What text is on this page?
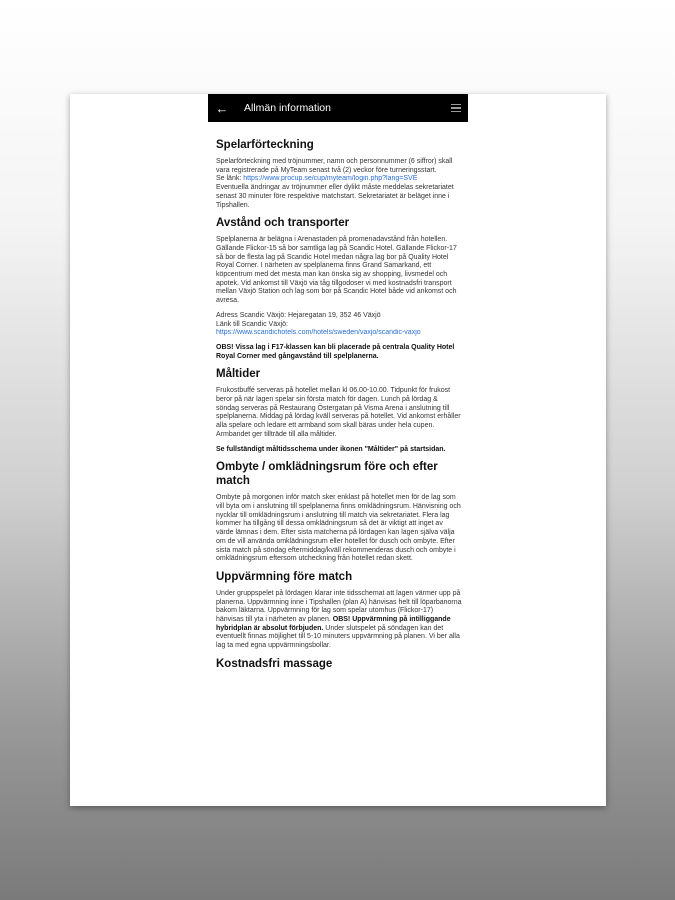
←	Allmän information
Spelarförteckning

Spelarförteckning med tröjnummer, namn och personnummer (6 siffror) skall vara registrerade på MyTeam senast två (2) veckor före turneringsstart.
Se länk: https://www.procup.se/cup/myteam/login.php?lang=SVE
Eventuella ändringar av tröjnummer eller dylikt måste meddelas sekretariatet senast 30 minuter före respektive matchstart. Sekretariatet är beläget inne i Tipshallen.

Avstånd och transporter

Spelplanerna är belägna i Arenastaden på promenadavstånd från hotellen. Gällande Flickor-15 så bor samtliga lag på Scandic Hotel. Gällande Flickor-17 så bor de flesta lag på Scandic Hotel medan några lag bor på Quality Hotel Royal Corner. I närheten av spelplanerna finns Grand Samarkand, ett köpcentrum med det mesta man kan önska sig av shopping, livsmedel och apotek. Vid ankomst till Växjö via tåg tillgodoser vi med kostnadsfri transport mellan Växjö Station och lag som bor på Scandic Hotel både vid ankomst och avresa.

Adress Scandic Växjö: Hejaregatan 19, 352 46 Växjö
Länk till Scandic Växjö:
https://www.scandichotels.com/hotels/sweden/vaxjo/scandic-vaxjo

OBS! Vissa lag i F17-klassen kan bli placerade på centrala Quality Hotel Royal Corner med gångavstånd till spelplanerna.

Måltider

Frukostbuffé serveras på hotellet mellan kl 06.00-10.00. Tidpunkt för frukost beror på när lagen spelar sin första match för dagen. Lunch på lördag & söndag serveras på Restaurang Östergatan på Visma Arena i anslutning till spelplanerna. Middag på lördag kväll serveras på hotellet. Vid ankomst erhåller alla spelare och ledare ett armband som skall bäras under hela cupen. Armbandet ger tillträde till alla måltider.

Se fullständigt måltidsschema under ikonen "Måltider" på startsidan.

Ombyte / omklädningsrum före och efter match

Ombyte på morgonen inför match sker enklast på hotellet men för de lag som vill byta om i anslutning till spelplanerna finns omklädningsrum. Hänvisning och nycklar till omklädningsrum i anslutning till match via sekretariatet. Flera lag kommer ha tillgång till dessa omklädningsrum så det är viktigt att inget av värde lämnas i dem. Efter sista matcherna på lördagen kan lagen själva välja om de vill använda omklädningsrum eller hotellet för dusch och ombyte. Efter sista match på söndag eftermiddag/kväll rekommenderas dusch och ombyte i omklädningsrum eftersom utcheckning från hotellet redan skett.

Uppvärmning före match

Under gruppspelet på lördagen klarar inte tidsschemat att lagen värmer upp på planerna. Uppvärmning inne i Tipshallen (plan A) hänvisas helt till löparbanorna bakom läktarna. Uppvärmning för lag som spelar utomhus (Flickor-17) hänvisas till yta i närheten av planen. OBS! Uppvärmning på intilliggande hybridplan är absolut förbjuden. Under slutspelet på söndagen kan det eventuellt finnas möjlighet till 5-10 minuters uppvärmning på planen. Vi ber alla lag ta med egna uppvärmningsbollar.

Kostnadsfri massage
